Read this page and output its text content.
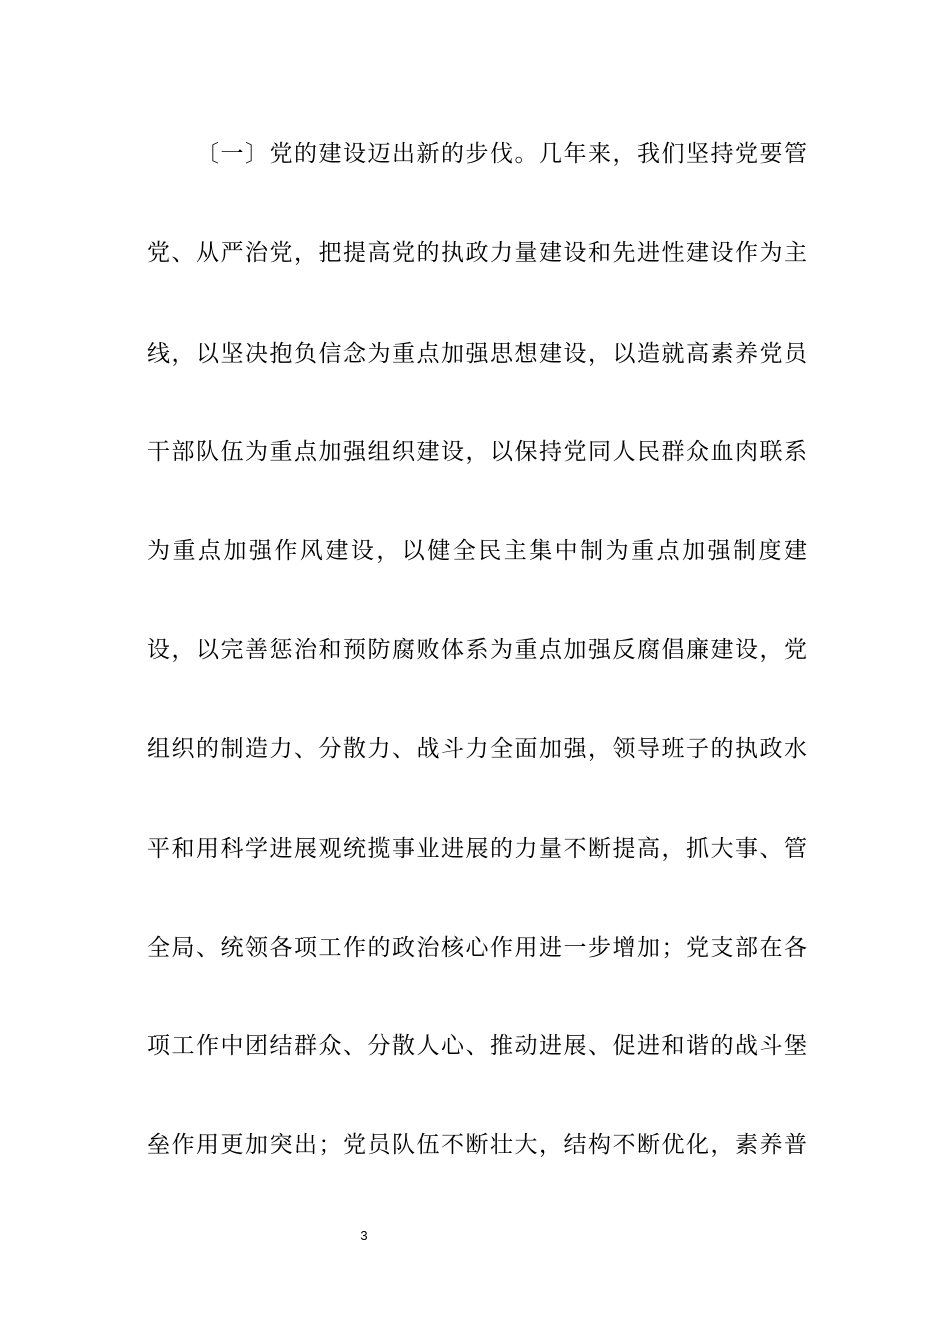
〔一〕党的建设迈出新的步伐。几年来，我们坚持党要管
党、从严治党，把提高党的执政力量建设和先进性建设作为主
线，以坚决抱负信念为重点加强思想建设，以造就高素养党员
干部队伍为重点加强组织建设，以保持党同人民群众血肉联系
为重点加强作风建设，以健全民主集中制为重点加强制度建
设，以完善惩治和预防腐败体系为重点加强反腐倡廉建设，党
组织的制造力、分散力、战斗力全面加强，领导班子的执政水
平和用科学进展观统揽事业进展的力量不断提高，抓大事、管
全局、统领各项工作的政治核心作用进一步增加；党支部在各
项工作中团结群众、分散人心、推动进展、促进和谐的战斗堡
垒作用更加突出；党员队伍不断壮大，结构不断优化，素养普
3
